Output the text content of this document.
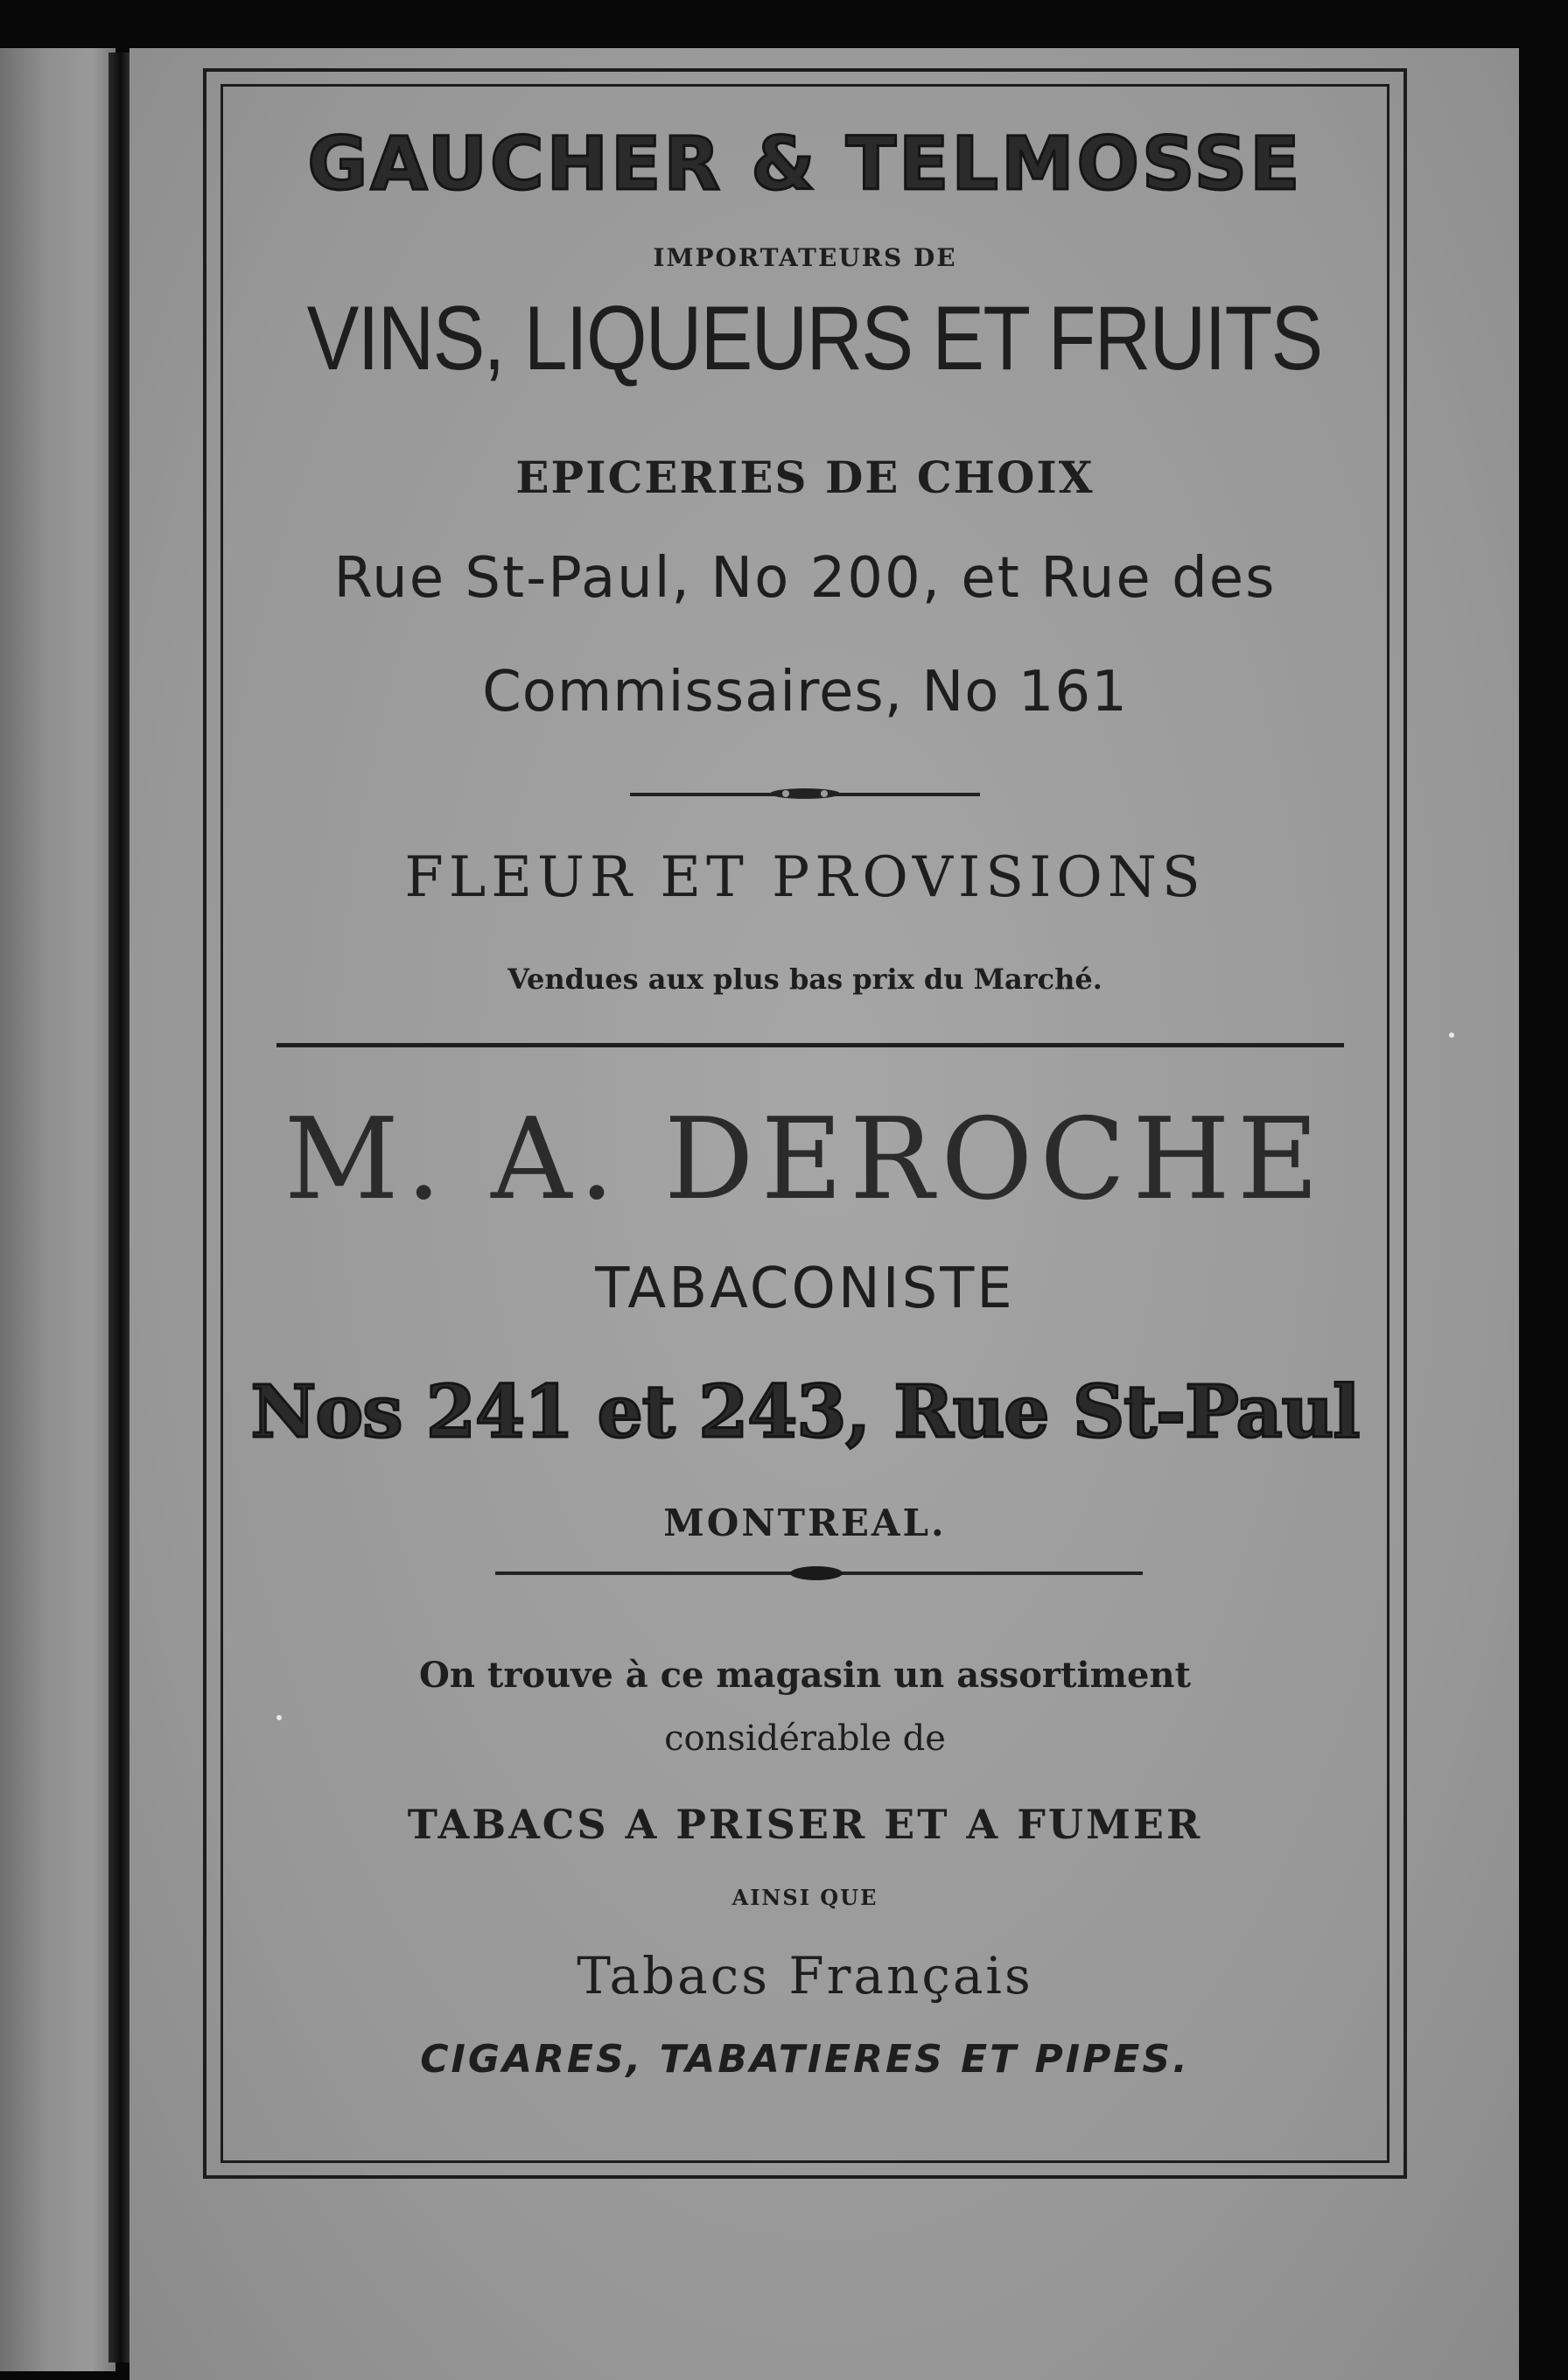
GAUCHER & TELMOSSE
IMPORTATEURS DE
VINS, LIQUEURS ET FRUITS
EPICERIES DE CHOIX
Rue St-Paul, No 200, et Rue des
Commissaires, No 161
FLEUR ET PROVISIONS
Vendues aux plus bas prix du Marché.
M. A. DEROCHE
TABACONISTE
Nos 241 et 243, Rue St-Paul
MONTREAL.
On trouve à ce magasin un assortiment
considérable de
TABACS A PRISER ET A FUMER
AINSI QUE
Tabacs Français
CIGARES, TABATIERES ET PIPES.
